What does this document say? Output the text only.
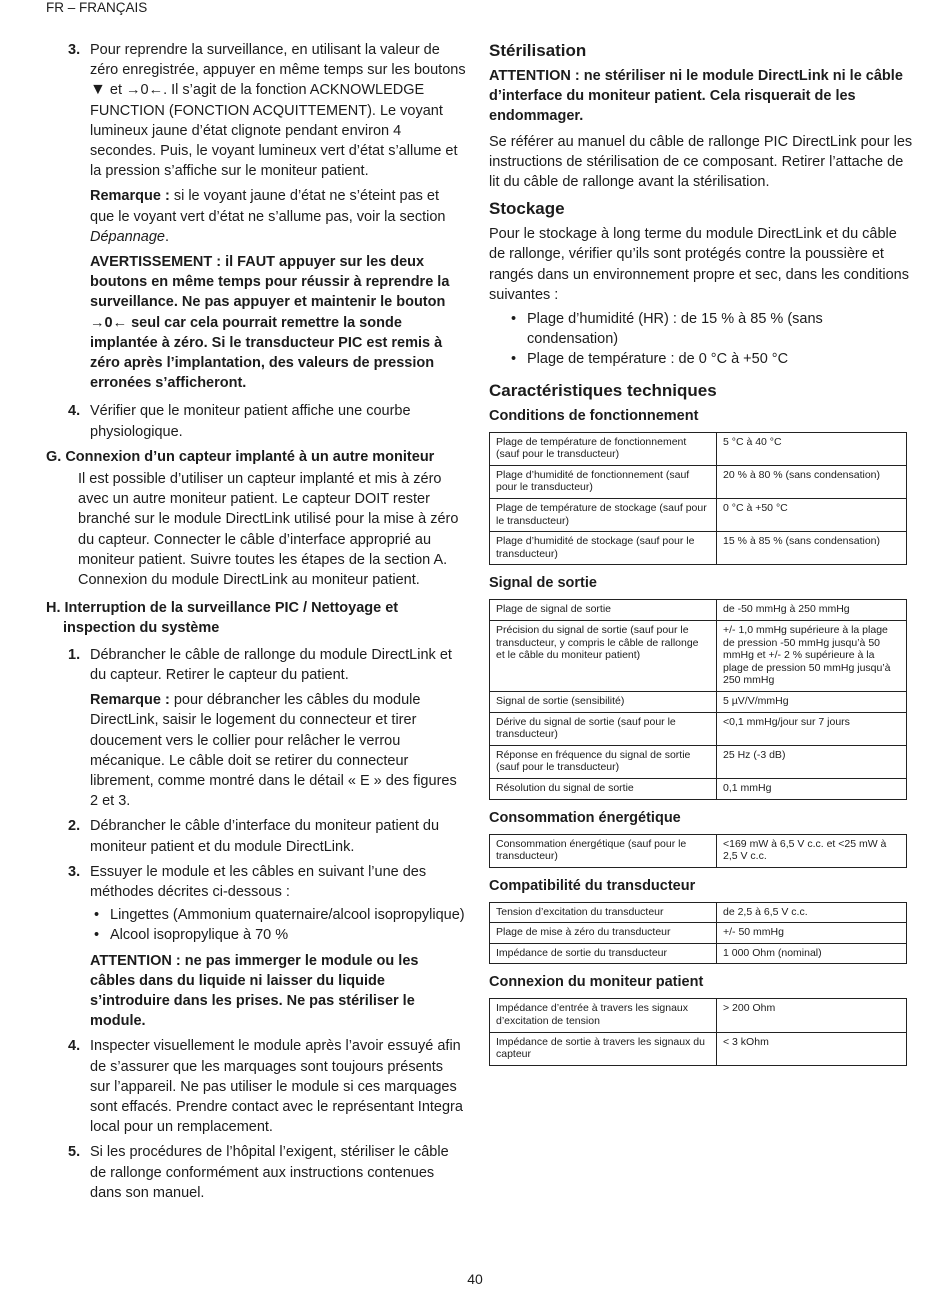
FR – FRANÇAIS
3. Pour reprendre la surveillance, en utilisant la valeur de zéro enregistrée, appuyer en même temps sur les boutons ▼ et →0←. Il s’agit de la fonction ACKNOWLEDGE FUNCTION (FONCTION ACQUITTEMENT). Le voyant lumineux jaune d’état clignote pendant environ 4 secondes. Puis, le voyant lumineux vert d’état s’allume et la pression s’affiche sur le moniteur patient.

Remarque : si le voyant jaune d’état ne s’éteint pas et que le voyant vert d’état ne s’allume pas, voir la section Dépannage.

AVERTISSEMENT : il FAUT appuyer sur les deux boutons en même temps pour réussir à reprendre la surveillance. Ne pas appuyer et maintenir le bouton →0← seul car cela pourrait remettre la sonde implantée à zéro. Si le transducteur PIC est remis à zéro après l’implantation, des valeurs de pression erronées s’afficheront.

4. Vérifier que le moniteur patient affiche une courbe physiologique.

G. Connexion d’un capteur implanté à un autre moniteur

Il est possible d’utiliser un capteur implanté et mis à zéro avec un autre moniteur patient. Le capteur DOIT rester branché sur le module DirectLink utilisé pour la mise à zéro du capteur. Connecter le câble d’interface approprié au moniteur patient. Suivre toutes les étapes de la section A. Connexion du module DirectLink au moniteur patient.

H. Interruption de la surveillance PIC / Nettoyage et
inspection du système

1. Débrancher le câble de rallonge du module DirectLink et du capteur. Retirer le capteur du patient.

Remarque : pour débrancher les câbles du module DirectLink, saisir le logement du connecteur et tirer doucement vers le collier pour relâcher le verrou mécanique. Le câble doit se retirer du connecteur librement, comme montré dans le détail « E » des figures 2 et 3.

2. Débrancher le câble d’interface du moniteur patient du moniteur patient et du module DirectLink.

3. Essuyer le module et les câbles en suivant l’une des méthodes décrites ci-dessous :

• Lingettes (Ammonium quaternaire/alcool isopropylique)
• Alcool isopropylique à 70 %

ATTENTION : ne pas immerger le module ou les câbles dans du liquide ni laisser du liquide s’introduire dans les prises. Ne pas stériliser le module.

4. Inspecter visuellement le module après l’avoir essuyé afin de s’assurer que les marquages sont toujours présents sur l’appareil. Ne pas utiliser le module si ces marquages sont effacés. Prendre contact avec le représentant Integra local pour un remplacement.

5. Si les procédures de l’hôpital l’exigent, stériliser le câble de rallonge conformément aux instructions contenues dans son manuel.

Stérilisation

ATTENTION : ne stériliser ni le module DirectLink ni le câble d’interface du moniteur patient. Cela risquerait de les endommager.

Se référer au manuel du câble de rallonge PIC DirectLink pour les instructions de stérilisation de ce composant. Retirer l’attache de lit du câble de rallonge avant la stérilisation.

Stockage

Pour le stockage à long terme du module DirectLink et du câble de rallonge, vérifier qu’ils sont protégés contre la poussière et rangés dans un environnement propre et sec, dans les conditions suivantes :

• Plage d’humidité (HR) : de 15 % à 85 % (sans condensation)
• Plage de température : de 0 °C à +50 °C
Caractéristiques techniques
Conditions de fonctionnement
Plage de température de fonctionnement (sauf pour le transducteur)	5 °C à 40 °C
Plage d’humidité de fonctionnement (sauf pour le transducteur)	20 % à 80 % (sans condensation)
Plage de température de stockage (sauf pour le transducteur)	0 °C à +50 °C
Plage d’humidité de stockage (sauf pour le transducteur)	15 % à 85 % (sans condensation)
Signal de sortie
Plage de signal de sortie	de -50 mmHg à 250 mmHg
Précision du signal de sortie (sauf pour le transducteur, y compris le câble de rallonge et le câble du moniteur patient)	+/- 1,0 mmHg supérieure à la plage de pression -50 mmHg jusqu’à 50 mmHg et +/- 2 % supérieure à la plage de pression 50 mmHg jusqu’à 250 mmHg
Signal de sortie (sensibilité)	5 µV/V/mmHg
Dérive du signal de sortie (sauf pour le transducteur)	<0,1 mmHg/jour sur 7 jours
Réponse en fréquence du signal de sortie (sauf pour le transducteur)	25 Hz (-3 dB)
Résolution du signal de sortie	0,1 mmHg
Consommation énergétique
Consommation énergétique (sauf pour le transducteur)	<169 mW à 6,5 V c.c. et <25 mW à 2,5 V c.c.
Compatibilité du transducteur
Tension d’excitation du transducteur	de 2,5 à 6,5 V c.c.
Plage de mise à zéro du transducteur	+/- 50 mmHg
Impédance de sortie du transducteur	1 000 Ohm (nominal)
Connexion du moniteur patient
Impédance d’entrée à travers les signaux d’excitation de tension	> 200 Ohm
Impédance de sortie à travers les signaux du capteur	< 3 kOhm
40
